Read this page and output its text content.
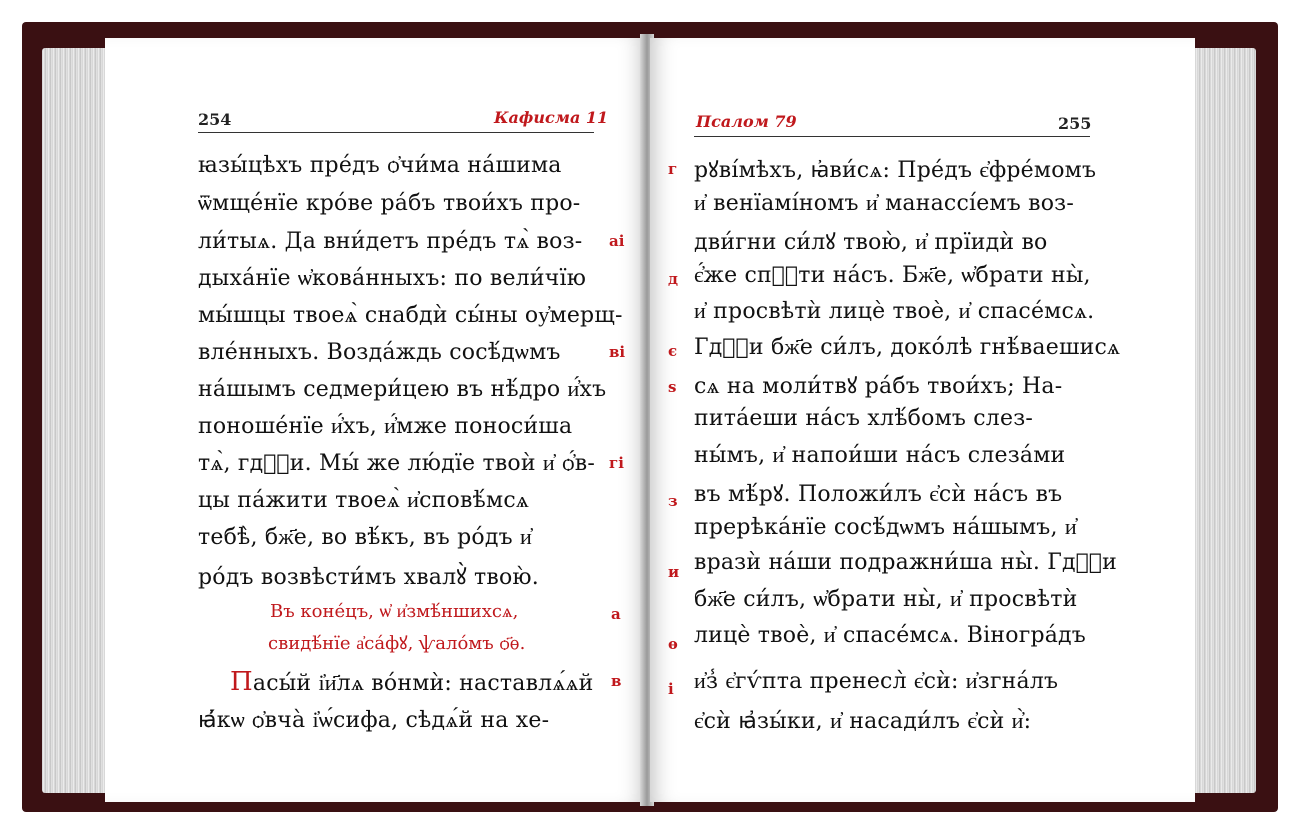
254	Кафисма 11
ꙗзы́цѣхъ пре́дъ ѻ҆чи́ма на́шима
ѿмще́нїе кро́ве ра́бъ твои́хъ про-
ли́тыѧ. Да вни́детъ пре́дъ тѧ̀ воз-
дыха́нїе ѡ҆кова́нныхъ: по вели́чїю
мы́шцы твоеѧ̀ снабдѝ сы́ны оу҆мерщ-
вле́нныхъ. Возда́ждь сосѣ́дѡмъ
на́шымъ седмери́цею въ нѣ́дро и҆́хъ
поноше́нїе и҆́хъ, и҆́мже поноси́ша
тѧ̀, гдⷭ҇и. Мы́ же лю́дїе твоѝ и҆ ѻ҆́в-
цы па́жити твоеѧ̀ и҆сповѣ́мсѧ
тебѣ̀, бж҃е, во вѣ́къ, въ ро́дъ и҆
ро́дъ возвѣсти́мъ хвалꙋ̀ твою̀.
Въ коне́цъ, ѡ҆ и҆змѣ́ншихсѧ,
свидѣ́нїе а҆са́фꙋ, ѱало́мъ ѻ҃ѳ.
Пасы́й і҆и҃лѧ во́нмѝ: наставлѧ́ѧй
ꙗ҆́кѡ ѻ҆вча̀ і҆ѡ́сифа, сѣдѧ́й на хе-
аі
ві
гі
а
в
Псалом 79	255
рꙋві́мѣхъ, ꙗ҆ви́сѧ: Пре́дъ є҆фре́момъ
и҆ венїамі́номъ и҆ манассі́емъ воз-
дви́гни си́лꙋ твою̀, и҆ прїидѝ во
є҆́же спⷭ҇ти на́съ. Бж҃е, ѡ҆брати ны̀,
и҆ просвѣтѝ лицѐ твоѐ, и҆ спасе́мсѧ.
Гдⷭ҇и бж҃е си́лъ, доко́лѣ гнѣ́ваешисѧ
сѧ на моли́твꙋ ра́бъ твои́хъ; На-
пита́еши на́съ хлѣ́бомъ слез-
ны́мъ, и҆ напои́ши на́съ слеза́ми
въ мѣ́рꙋ. Положи́лъ є҆сѝ на́съ въ
прерѣка́нїе сосѣ́дѡмъ на́шымъ, и҆
вразѝ на́ши подражни́ша ны̀. Гдⷭ҇и
бж҃е си́лъ, ѡ҆брати ны̀, и҆ просвѣтѝ
лицѐ твоѐ, и҆ спасе́мсѧ. Віногра́дъ
и҆з̾ є҆гѵ́пта пренесл̀ є҆сѝ: и҆згна́лъ
є҆сѝ ꙗ҆зы́ки, и҆ насади́лъ є҆сѝ и҆̀:
г
д
є
ѕ
з
и
ѳ
і
